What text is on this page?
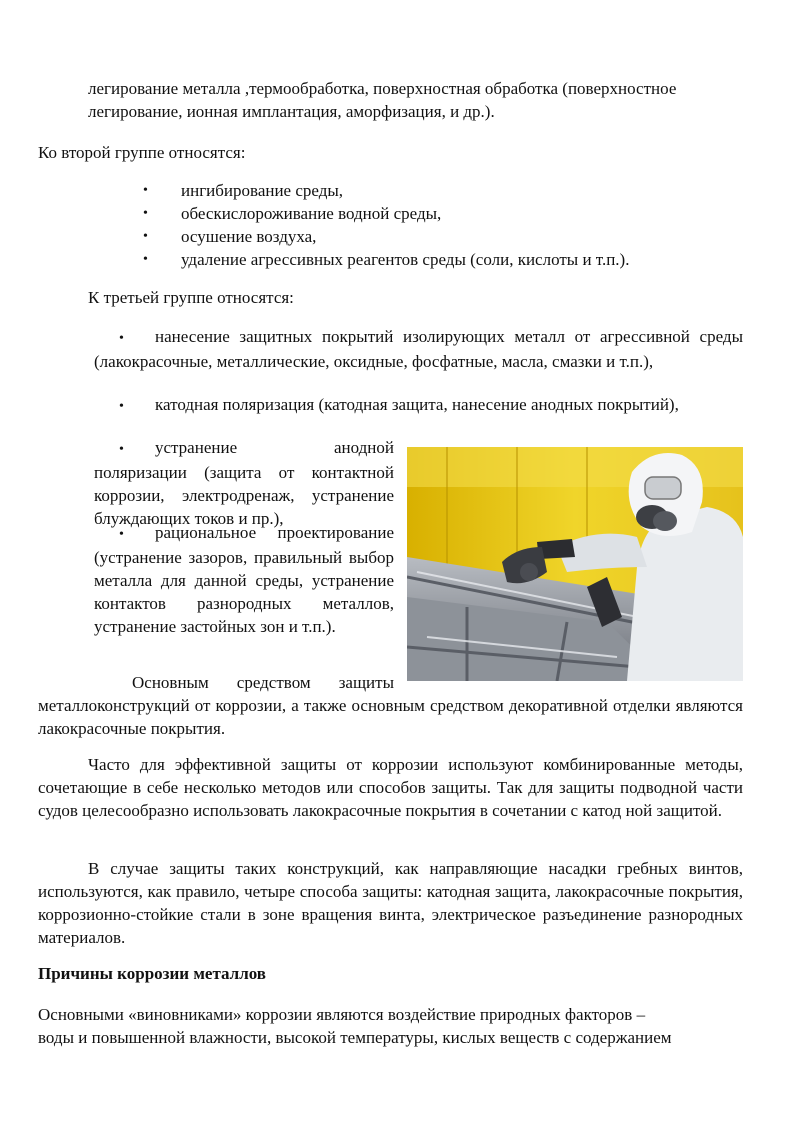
легирование металла ,термообработка, поверхностная обработка (поверхностное

легирование, ионная имплантация, аморфизация, и др.).

Ко второй группе относятся:

• ингибирование среды,
• обескислороживание водной среды,
• осушение воздуха,
• удаление агрессивных реагентов среды (соли, кислоты и т.п.).

К третьей группе относятся:

• нанесение защитных покрытий изолирующих металл от агрессивной среды (лакокрасочные, металлические, оксидные, фосфатные, масла, смазки и т.п.),
• катодная поляризация (катодная защита, нанесение анодных покрытий),
• устранение анодной поляризации (защита от контактной коррозии, электродренаж, устранение блуждающих токов и пр.),
• рациональное проектирование (устранение зазоров, правильный выбор металла для данной среды, устранение контактов разнородных металлов, устранение застойных зон и т.п.).

Основным средством защиты

металлоконструкций от коррозии, а также основным средством декоративной отделки являются лакокрасочные покрытия.

Часто для эффективной защиты от коррозии используют комбинированные методы, сочетающие в себе несколько методов или способов защиты. Так для защиты подводной части судов целесообразно использовать лакокрасочные покрытия в сочетании с катод ной защитой.

В случае защиты таких конструкций, как направляющие насадки гребных винтов, используются, как правило, четыре способа защиты: катодная защита, лакокрасочные покрытия, коррозионно-стойкие стали в зоне вращения винта, электрическое разъединение разнородных материалов.

Причины коррозии металлов

Основными «виновниками» коррозии являются воздействие природных факторов –

воды и повышенной влажности, высокой температуры, кислых веществ с содержанием
